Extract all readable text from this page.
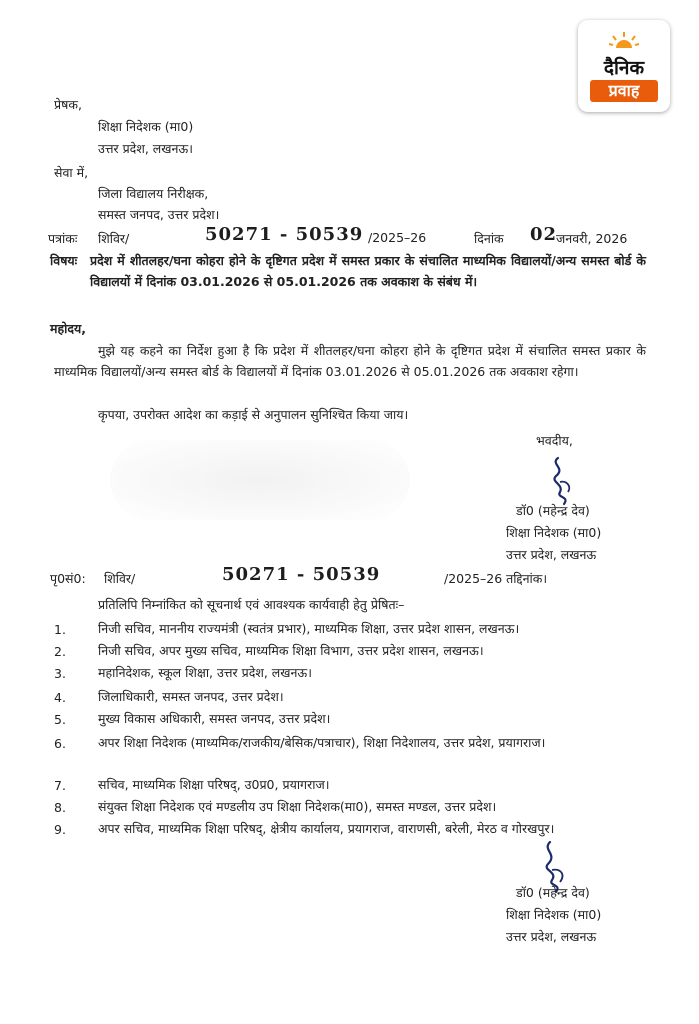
दैनिक
प्रवाह
प्रेषक,
शिक्षा निदेशक (मा0)
उत्तर प्रदेश, लखनऊ।
सेवा में,
जिला विद्यालय निरीक्षक,
समस्त जनपद, उत्तर प्रदेश।
पत्रांकः शिविर/	50271 - 50539 /2025–26	दिनांक 02
जनवरी, 2026
विषयः प्रदेश में शीतलहर/घना कोहरा होने के दृष्टिगत प्रदेश में समस्त प्रकार के संचालित माध्यमिक विद्यालयों/अन्य समस्त बोर्ड के विद्यालयों में दिनांक 03.01.2026 से 05.01.2026 तक अवकाश के संबंध में।
महोदय,
मुझे यह कहने का निर्देश हुआ है कि प्रदेश में शीतलहर/घना कोहरा होने के दृष्टिगत प्रदेश में संचालित समस्त प्रकार के माध्यमिक विद्यालयों/अन्य समस्त बोर्ड के विद्यालयों में दिनांक 03.01.2026 से 05.01.2026 तक अवकाश रहेगा।
कृपया, उपरोक्त आदेश का कड़ाई से अनुपालन सुनिश्चित किया जाय।
भवदीय,
डॉ0 (महेन्द्र देव)
शिक्षा निदेशक (मा0)
उत्तर प्रदेश, लखनऊ
पृ0सं0: शिविर/	50271 - 50539	/2025–26 तद्दिनांक।
प्रतिलिपि निम्नांकित को सूचनार्थ एवं आवश्यक कार्यवाही हेतु प्रेषितः–
1.	निजी सचिव, माननीय राज्यमंत्री (स्वतंत्र प्रभार), माध्यमिक शिक्षा, उत्तर प्रदेश शासन, लखनऊ।
2.	निजी सचिव, अपर मुख्य सचिव, माध्यमिक शिक्षा विभाग, उत्तर प्रदेश शासन, लखनऊ।
3.	महानिदेशक, स्कूल शिक्षा, उत्तर प्रदेश, लखनऊ।
4.	जिलाधिकारी, समस्त जनपद, उत्तर प्रदेश।
5.	मुख्य विकास अधिकारी, समस्त जनपद, उत्तर प्रदेश।
6.	अपर शिक्षा निदेशक (माध्यमिक/राजकीय/बेसिक/पत्राचार), शिक्षा निदेशालय, उत्तर प्रदेश, प्रयागराज।
7.	सचिव, माध्यमिक शिक्षा परिषद्, उ0प्र0, प्रयागराज।
8.	संयुक्त शिक्षा निदेशक एवं मण्डलीय उप शिक्षा निदेशक(मा0), समस्त मण्डल, उत्तर प्रदेश।
9.	अपर सचिव, माध्यमिक शिक्षा परिषद्, क्षेत्रीय कार्यालय, प्रयागराज, वाराणसी, बरेली, मेरठ व गोरखपुर।
डॉ0 (महेन्द्र देव)
शिक्षा निदेशक (मा0)
उत्तर प्रदेश, लखनऊ
